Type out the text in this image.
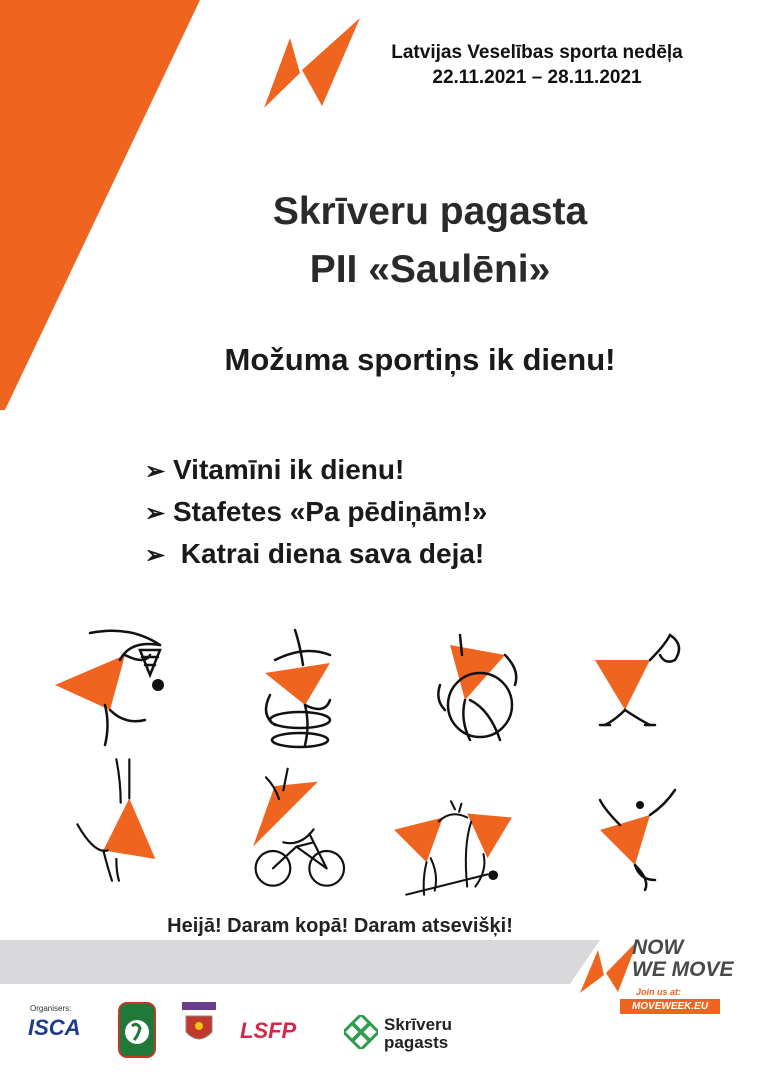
Latvijas Veselības sporta nedēļa
22.11.2021 – 28.11.2021
Skrīveru pagasta
PII «Saulēni»
Možuma sportiņs ik dienu!
➢ Vitamīni ik dienu!
➢ Stafetes «Pa pēdiņām!»
➢ Katrai diena sava deja!
Heijā! Daram kopā! Daram atsevišķi!
NOW
WE MOVE
Join us at:
MOVEWEEK.EU
Organisers:
ISCA
	LSFP	Skrīveru
pagasts
